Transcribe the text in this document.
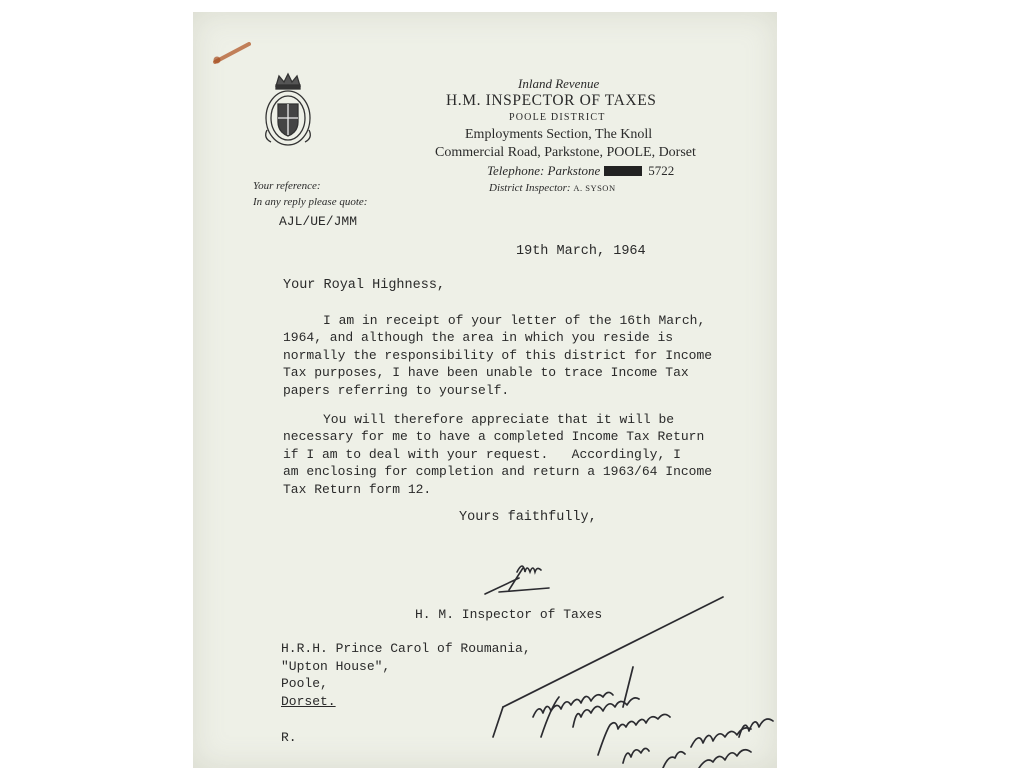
Inland Revenue
H.M. INSPECTOR OF TAXES
POOLE DISTRICT
Employments Section, The Knoll
Commercial Road, Parkstone, POOLE, Dorset
Telephone: Parkstone	5722
District Inspector: A. SYSON
Your reference:
In any reply please quote:
AJL/UE/JMM
19th March, 1964
Your Royal Highness,
I am in receipt of your letter of the 16th March,
1964, and although the area in which you reside is
normally the responsibility of this district for Income
Tax purposes, I have been unable to trace Income Tax
papers referring to yourself.
You will therefore appreciate that it will be
necessary for me to have a completed Income Tax Return
if I am to deal with your request.   Accordingly, I
am enclosing for completion and return a 1963/64 Income
Tax Return form 12.
Yours faithfully,
H. M. Inspector of Taxes
H.R.H. Prince Carol of Roumania,
"Upton House",
Poole,
Dorset.
R.
